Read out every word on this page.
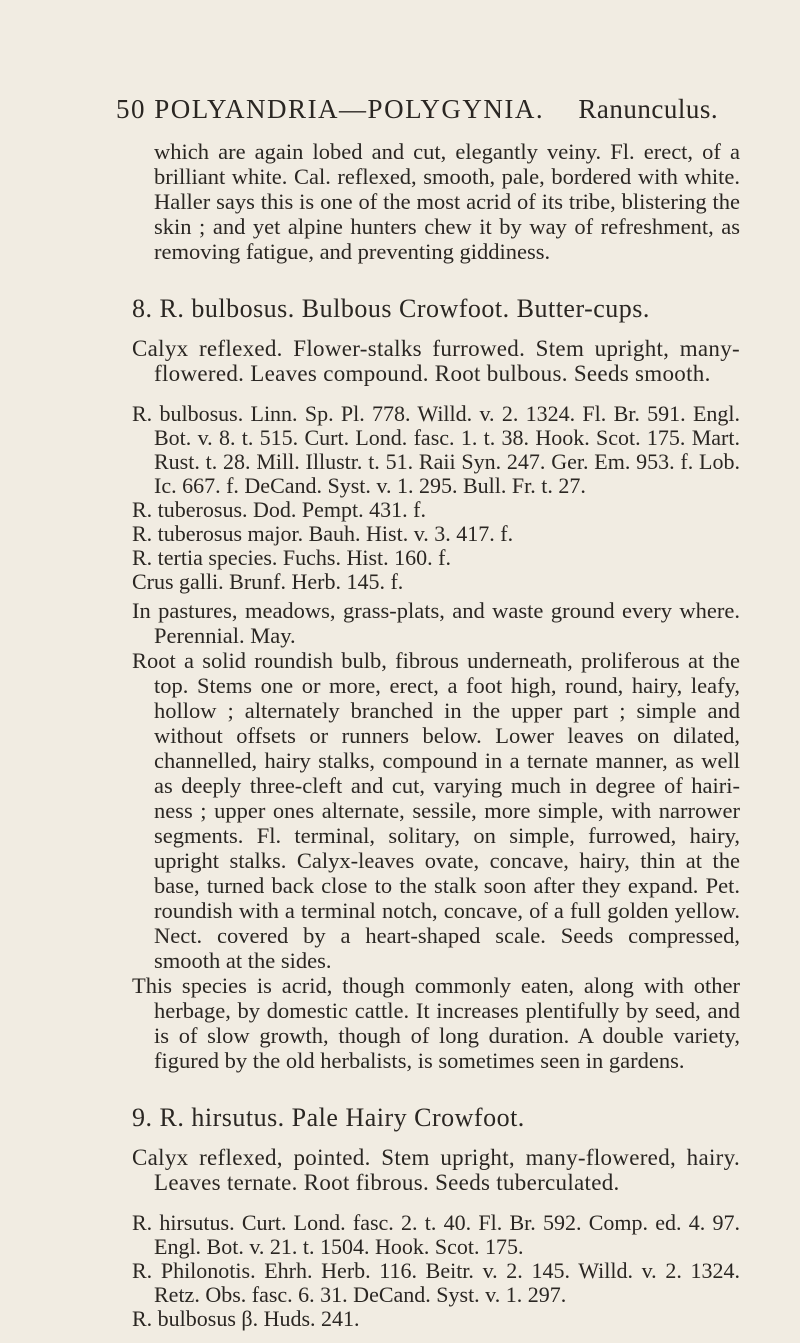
50 POLYANDRIA—POLYGYNIA. Ranunculus.

which are again lobed and cut, elegantly veiny. Fl. erect, of a brilliant white. Cal. reflexed, smooth, pale, bordered with white. Haller says this is one of the most acrid of its tribe, blistering the skin ; and yet alpine hunters chew it by way of refreshment, as removing fatigue, and preventing giddiness.

8. R. bulbosus. Bulbous Crowfoot. Butter-cups.

Calyx reflexed. Flower-stalks furrowed. Stem upright, many-flowered. Leaves compound. Root bulbous. Seeds smooth.

R. bulbosus. Linn. Sp. Pl. 778. Willd. v. 2. 1324. Fl. Br. 591. Engl. Bot. v. 8. t. 515. Curt. Lond. fasc. 1. t. 38. Hook. Scot. 175. Mart. Rust. t. 28. Mill. Illustr. t. 51. Raii Syn. 247. Ger. Em. 953. f. Lob. Ic. 667. f. DeCand. Syst. v. 1. 295. Bull. Fr. t. 27.

R. tuberosus. Dod. Pempt. 431. f.

R. tuberosus major. Bauh. Hist. v. 3. 417. f.

R. tertia species. Fuchs. Hist. 160. f.

Crus galli. Brunf. Herb. 145. f.

In pastures, meadows, grass-plats, and waste ground every where. Perennial. May.

Root a solid roundish bulb, fibrous underneath, proliferous at the top. Stems one or more, erect, a foot high, round, hairy, leafy, hollow ; alternately branched in the upper part ; simple and without offsets or runners below. Lower leaves on dilated, channelled, hairy stalks, compound in a ternate manner, as well as deeply three-cleft and cut, varying much in degree of hairiness ; upper ones alternate, sessile, more simple, with narrower segments. Fl. terminal, solitary, on simple, furrowed, hairy, upright stalks. Calyx-leaves ovate, concave, hairy, thin at the base, turned back close to the stalk soon after they expand. Pet. roundish with a terminal notch, concave, of a full golden yellow. Nect. covered by a heart-shaped scale. Seeds compressed, smooth at the sides.

This species is acrid, though commonly eaten, along with other herbage, by domestic cattle. It increases plentifully by seed, and is of slow growth, though of long duration. A double variety, figured by the old herbalists, is sometimes seen in gardens.

9. R. hirsutus. Pale Hairy Crowfoot.

Calyx reflexed, pointed. Stem upright, many-flowered, hairy. Leaves ternate. Root fibrous. Seeds tuberculated.

R. hirsutus. Curt. Lond. fasc. 2. t. 40. Fl. Br. 592. Comp. ed. 4. 97. Engl. Bot. v. 21. t. 1504. Hook. Scot. 175.

R. Philonotis. Ehrh. Herb. 116. Beitr. v. 2. 145. Willd. v. 2. 1324. Retz. Obs. fasc. 6. 31. DeCand. Syst. v. 1. 297.

R. bulbosus β. Huds. 241.
